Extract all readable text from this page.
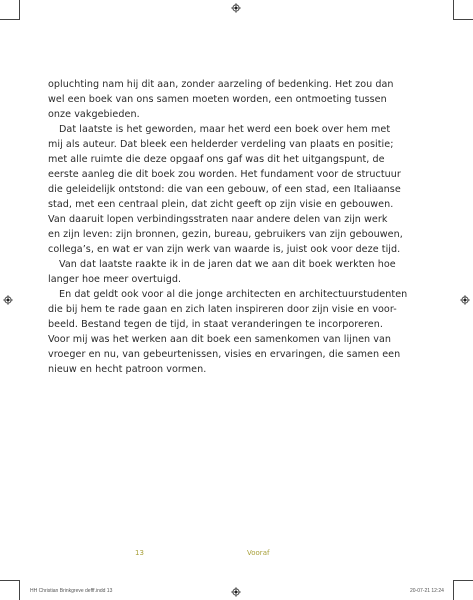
opluchting nam hij dit aan, zonder aarzeling of bedenking. Het zou dan
wel een boek van ons samen moeten worden, een ontmoeting tussen
onze vakgebieden.

Dat laatste is het geworden, maar het werd een boek over hem met
mij als auteur. Dat bleek een helderder verdeling van plaats en positie;
met alle ruimte die deze opgaaf ons gaf was dit het uitgangspunt, de
eerste aanleg die dit boek zou worden. Het fundament voor de structuur
die geleidelijk ontstond: die van een gebouw, of een stad, een Italiaanse
stad, met een centraal plein, dat zicht geeft op zijn visie en gebouwen.
Van daaruit lopen verbindingsstraten naar andere delen van zijn werk
en zijn leven: zijn bronnen, gezin, bureau, gebruikers van zijn gebouwen,
collega’s, en wat er van zijn werk van waarde is, juist ook voor deze tijd.

Van dat laatste raakte ik in de jaren dat we aan dit boek werkten hoe
langer hoe meer overtuigd.

En dat geldt ook voor al die jonge architecten en architectuurstudenten
die bij hem te rade gaan en zich laten inspireren door zijn visie en voor-
beeld. Bestand tegen de tijd, in staat veranderingen te incorporeren.
Voor mij was het werken aan dit boek een samenkomen van lijnen van
vroeger en nu, van gebeurtenissen, visies en ervaringen, die samen een
nieuw en hecht patroon vormen.

13	Vooraf
HH Christian Brinkgreve defff.indd 13	20-07-21 12:24
